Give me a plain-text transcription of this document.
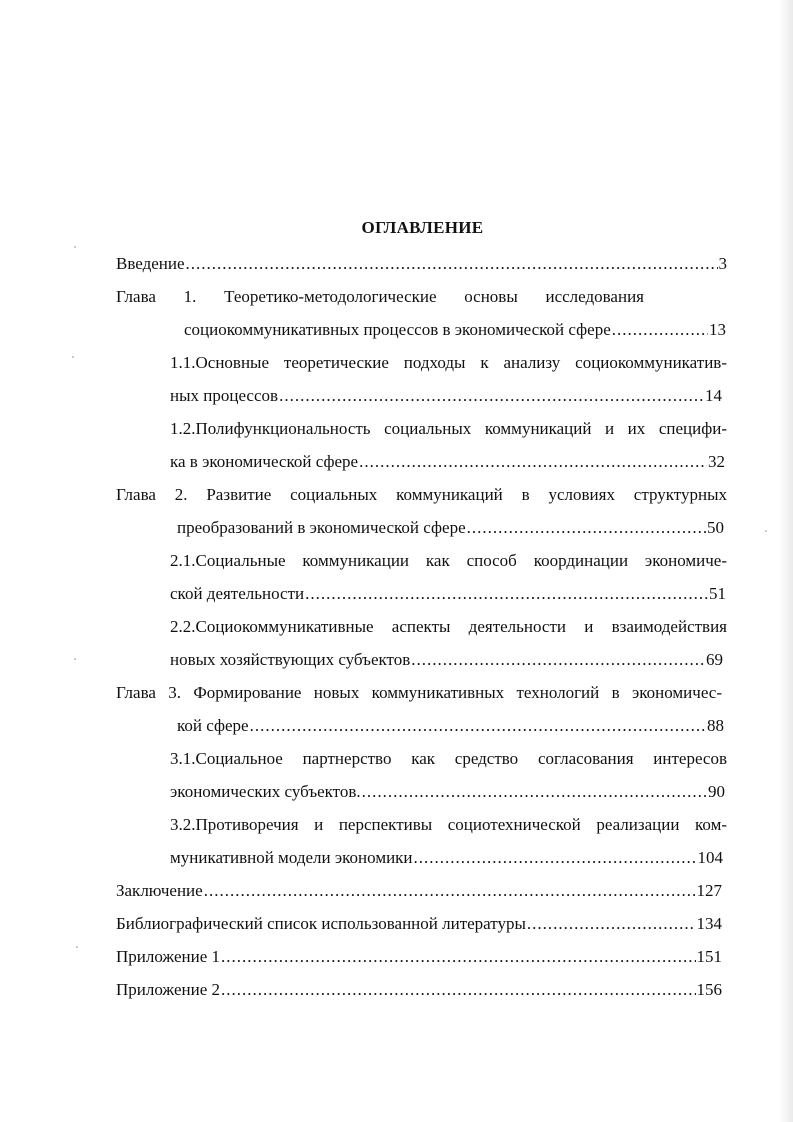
ОГЛАВЛЕНИЕ
Введение .....	3
Глава 1. Теоретико-методологические основы исследования
социокоммуникативных процессов в экономической сфере .....	13
1.1.Основные теоретические подходы к анализу социокоммуникатив-
ных процессов .....	14
1.2.Полифункциональность социальных коммуникаций и их специфи-
ка в экономической сфере .....	32
Глава 2. Развитие социальных коммуникаций в условиях структурных
преобразований в экономической сфере .....	50
2.1.Социальные коммуникации как способ координации экономиче-
ской деятельности .....	51
2.2.Социокоммуникативные аспекты деятельности и взаимодействия
новых хозяйствующих субъектов .....	69
Глава 3. Формирование новых коммуникативных технологий в экономичес-
кой сфере .....	88
3.1.Социальное партнерство как средство согласования интересов
экономических субъектов. .....	90
3.2.Противоречия и перспективы социотехнической реализации ком-
муникативной модели экономики .....	104
Заключение .....	127
Библиографический список использованной литературы .....	134
Приложение 1 .....	151
Приложение 2 .....	156
